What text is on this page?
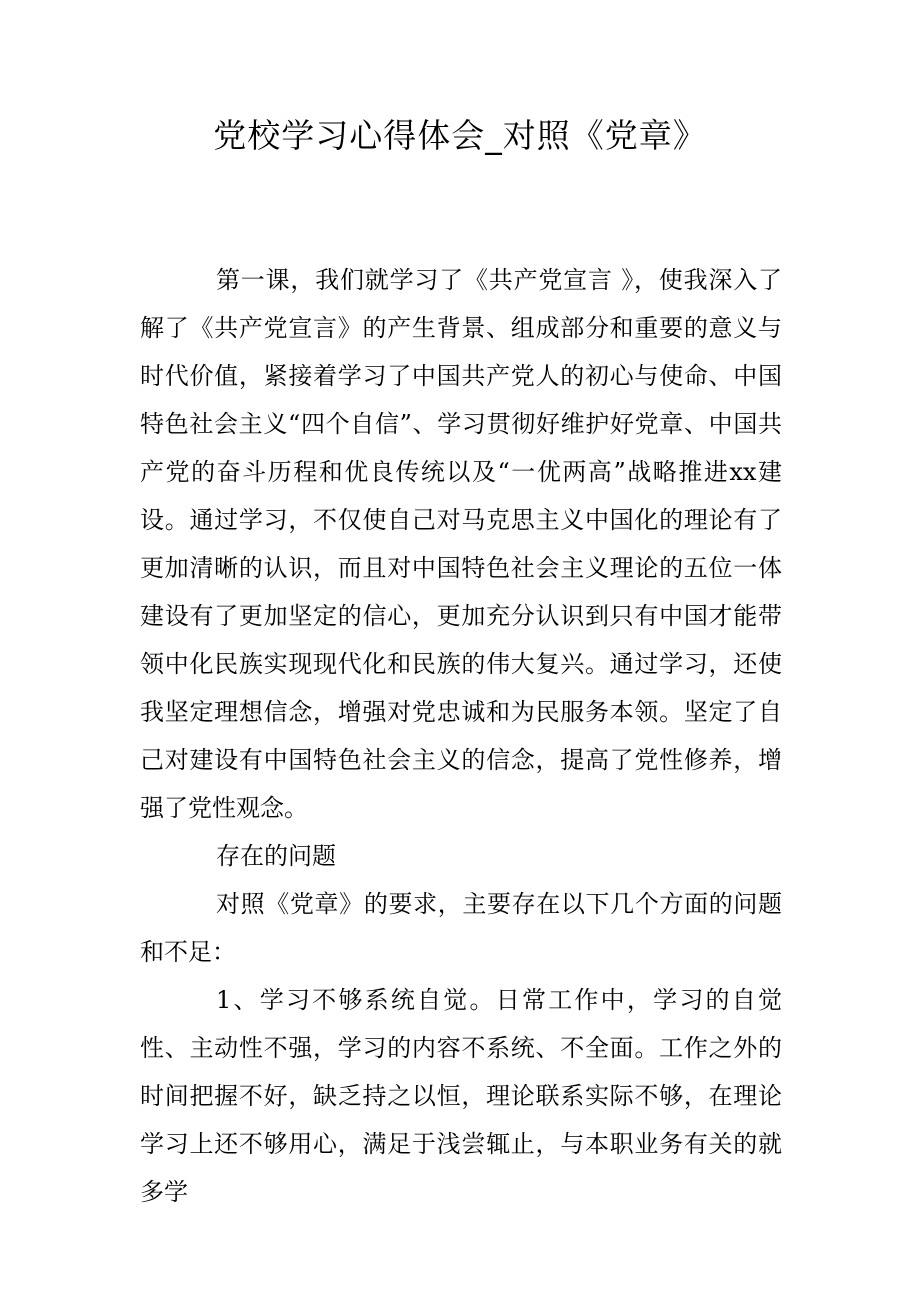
党校学习心得体会_对照《党章》

第一课，我们就学习了《共产党宣言 》，使我深入了解了《共产党宣言》的产生背景、组成部分和重要的意义与时代价值，紧接着学习了中国共产党人的初心与使命、中国特色社会主义“四个自信”、学习贯彻好维护好党章、中国共产党的奋斗历程和优良传统以及“一优两高”战略推进xx建设。通过学习，不仅使自己对马克思主义中国化的理论有了更加清晰的认识，而且对中国特色社会主义理论的五位一体建设有了更加坚定的信心，更加充分认识到只有中国才能带领中化民族实现现代化和民族的伟大复兴。通过学习，还使我坚定理想信念，增强对党忠诚和为民服务本领。坚定了自己对建设有中国特色社会主义的信念，提高了党性修养，增强了党性观念。

存在的问题

对照《党章》的要求，主要存在以下几个方面的问题和不足：

1、学习不够系统自觉。日常工作中，学习的自觉性、主动性不强，学习的内容不系统、不全面。工作之外的时间把握不好，缺乏持之以恒，理论联系实际不够，在理论学习上还不够用心，满足于浅尝辄止，与本职业务有关的就多学
